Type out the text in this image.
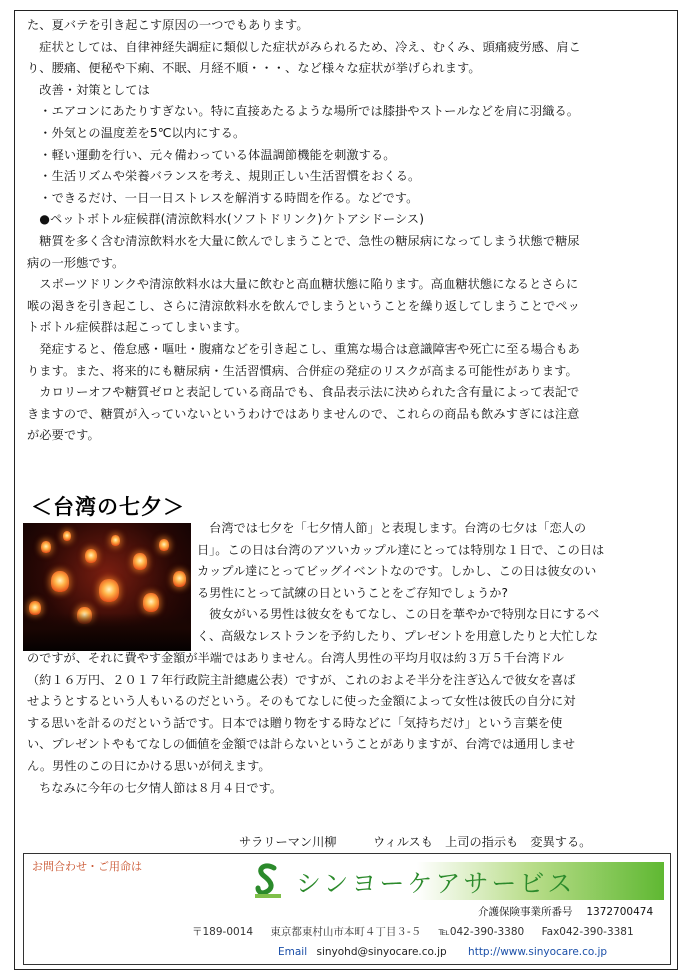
た、夏バテを引き起こす原因の一つでもあります。
　症状としては、自律神経失調症に類似した症状がみられるため、冷え、むくみ、頭痛疲労感、肩こ
り、腰痛、便秘や下痢、不眠、月経不順・・・、など様々な症状が挙げられます。
　改善・対策としては
　・エアコンにあたりすぎない。特に直接あたるような場所では膝掛やストールなどを肩に羽織る。
　・外気との温度差を5℃以内にする。
　・軽い運動を行い、元々備わっている体温調節機能を刺激する。
　・生活リズムや栄養バランスを考え、規則正しい生活習慣をおくる。
　・できるだけ、一日一日ストレスを解消する時間を作る。などです。
　●ペットボトル症候群(清涼飲料水(ソフトドリンク)ケトアシドーシス)
　糖質を多く含む清涼飲料水を大量に飲んでしまうことで、急性の糖尿病になってしまう状態で糖尿
病の一形態です。
　スポーツドリンクや清涼飲料水は大量に飲むと高血糖状態に陥ります。高血糖状態になるとさらに
喉の渇きを引き起こし、さらに清涼飲料水を飲んでしまうということを繰り返してしまうことでペッ
トボトル症候群は起こってしまいます。
　発症すると、倦怠感・嘔吐・腹痛などを引き起こし、重篤な場合は意識障害や死亡に至る場合もあ
ります。また、将来的にも糖尿病・生活習慣病、合併症の発症のリスクが高まる可能性があります。
　カロリーオフや糖質ゼロと表記している商品でも、食品表示法に決められた含有量によって表記で
きますので、糖質が入っていないというわけではありませんので、これらの商品も飲みすぎには注意
が必要です。
＜台湾の七夕＞
　台湾では七夕を「七夕情人節」と表現します。台湾の七夕は「恋人の
日」。この日は台湾のアツいカップル達にとっては特別な１日で、この日は
カップル達にとってビッグイベントなのです。しかし、この日は彼女のい
る男性にとって試練の日ということをご存知でしょうか?
　彼女がいる男性は彼女をもてなし、この日を華やかで特別な日にするべ
く、高級なレストランを予約したり、プレゼントを用意したりと大忙しな
のですが、それに費やす金額が半端ではありません。台湾人男性の平均月収は約３万５千台湾ドル
（約１６万円、２０１７年行政院主計總處公表）ですが、これのおよそ半分を注ぎ込んで彼女を喜ば
せようとするという人もいるのだという。そのもてなしに使った金額によって女性は彼氏の自分に対
する思いを計るのだという話です。日本では贈り物をする時などに「気持ちだけ」という言葉を使
い、プレゼントやもてなしの価値を金額では計らないということがありますが、台湾では通用しませ
ん。男性のこの日にかける思いが伺えます。
　ちなみに今年の七夕情人節は８月４日です。
サラリーマン川柳　　　ウィルスも　上司の指示も　変異する。
お問合わせ・ご用命は
シンヨーケアサービス
介護保険事業所番号　 1372700474
〒189-0014 東京都東村山市本町４丁目３-５ ℡042-390-3380 Fax042-390-3381
Email sinyohd@sinyocare.co.jp http://www.sinyocare.co.jp
